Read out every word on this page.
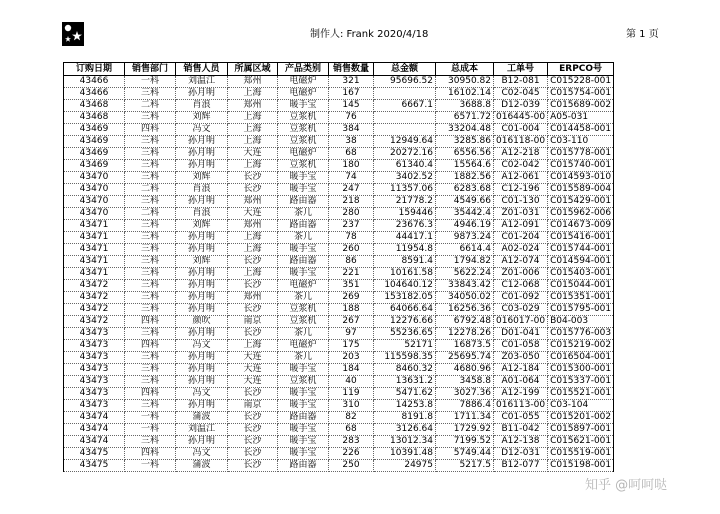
制作人: Frank 2020/4/18	第 1 页
订购日期	销售部门	销售人员	所属区域	产品类别	销售数量	总金额	总成本	工单号	ERPCO号
43466	一科	刘温江	郑州	电磁炉	321	95696.52	30950.82	B12-081	C015228-001
43466	三科	孙月明	上海	电磁炉	167		16102.14	C02-045	C015754-001
43468	二科	肖浪	郑州	暖手宝	145	6667.1	3688.8	D12-039	C015689-002
43468	三科	刘辉	上海	豆浆机	76		6571.72	016445-00	A05-031
43469	四科	冯文	上海	豆浆机	384		33204.48	C01-004	C014458-001
43469	三科	孙月明	上海	豆浆机	38	12949.64	3285.86	016118-00	C03-110
43469	三科	孙月明	大连	电磁炉	68	20272.16	6556.56	A12-218	C015778-001
43469	三科	孙月明	上海	豆浆机	180	61340.4	15564.6	C02-042	C015740-001
43470	三科	刘辉	长沙	暖手宝	74	3402.52	1882.56	A12-061	C014593-010
43470	二科	肖浪	长沙	暖手宝	247	11357.06	6283.68	C12-196	C015589-004
43470	三科	孙月明	郑州	路由器	218	21778.2	4549.66	C01-130	C015429-001
43470	二科	肖浪	大连	茶几	280	159446	35442.4	Z01-031	C015962-006
43471	三科	刘辉	郑州	路由器	237	23676.3	4946.19	A12-091	C014673-009
43471	三科	孙月明	上海	茶几	78	44417.1	9873.24	C01-204	C015416-001
43471	三科	孙月明	上海	暖手宝	260	11954.8	6614.4	A02-024	C015744-001
43471	三科	刘辉	长沙	路由器	86	8591.4	1794.82	A12-074	C014594-001
43471	三科	孙月明	上海	暖手宝	221	10161.58	5622.24	Z01-006	C015403-001
43472	三科	孙月明	长沙	电磁炉	351	104640.12	33843.42	C12-068	C015044-001
43472	三科	孙月明	郑州	茶几	269	153182.05	34050.02	C01-092	C015351-001
43472	三科	孙月明	长沙	豆浆机	188	64066.64	16256.36	C03-029	C015795-001
43472	四科	颜吹	南京	豆浆机	267	12276.66	6792.48	016017-00	B04-003
43473	三科	孙月明	长沙	茶几	97	55236.65	12278.26	D01-041	C015776-003
43473	四科	冯文	上海	电磁炉	175	52171	16873.5	C01-058	C015219-002
43473	三科	孙月明	大连	茶几	203	115598.35	25695.74	Z03-050	C016504-001
43473	三科	孙月明	大连	暖手宝	184	8460.32	4680.96	A12-184	C015300-001
43473	三科	孙月明	大连	豆浆机	40	13631.2	3458.8	A01-064	C015337-001
43473	四科	冯文	长沙	暖手宝	119	5471.62	3027.36	A12-199	C015521-001
43473	三科	孙月明	南京	暖手宝	310	14253.8	7886.4	016113-00	C03-104
43474	一科	蒲波	长沙	路由器	82	8191.8	1711.34	C01-055	C015201-002
43474	一科	刘温江	长沙	暖手宝	68	3126.64	1729.92	B11-042	C015897-001
43474	三科	孙月明	长沙	暖手宝	283	13012.34	7199.52	A12-138	C015621-001
43475	四科	冯文	长沙	暖手宝	226	10391.48	5749.44	D12-031	C015519-001
43475	一科	蒲波	长沙	路由器	250	24975	5217.5	B12-077	C015198-001
知乎 @呵呵哒
